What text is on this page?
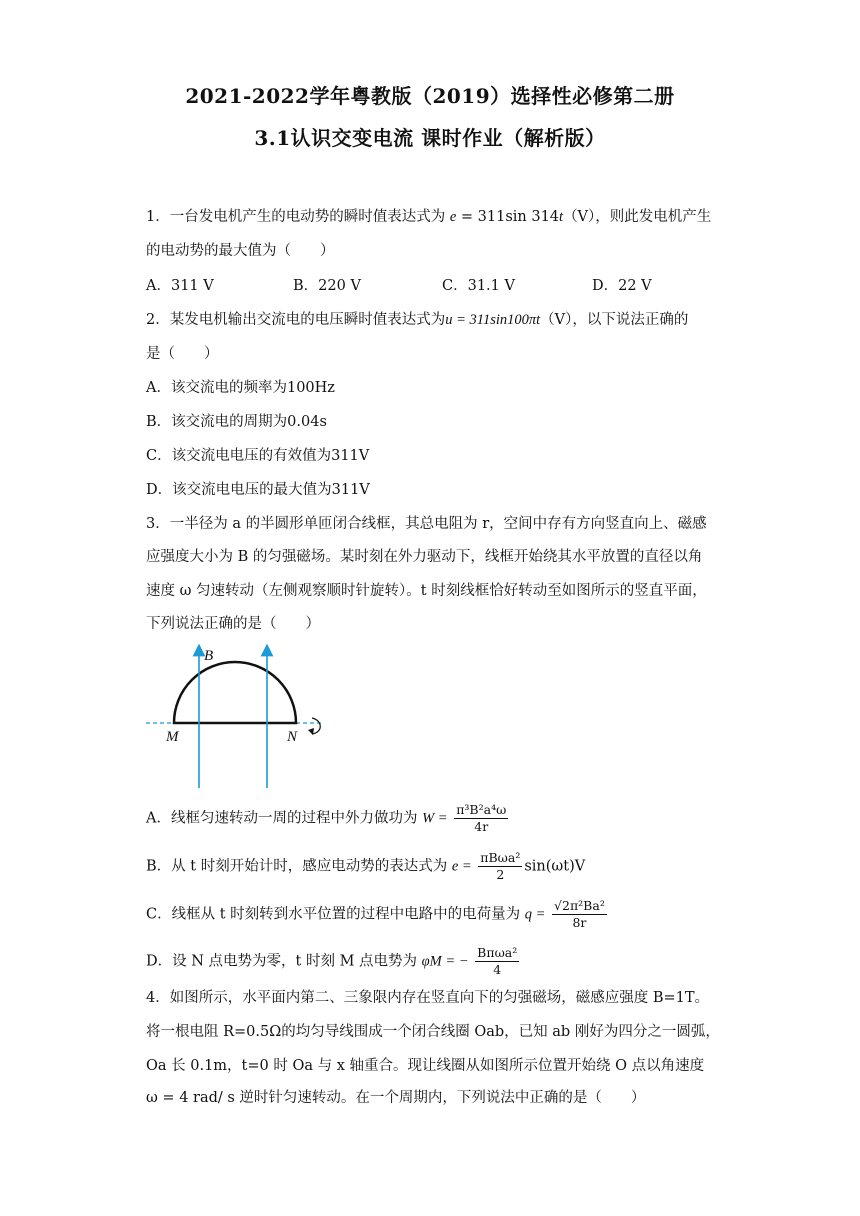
2021-2022学年粤教版（2019）选择性必修第二册
3.1认识交变电流 课时作业（解析版）
1．一台发电机产生的电动势的瞬时值表达式为 e = 311sin 314t（V），则此发电机产生
的电动势的最大值为（　　）
A．311 V	B．220 V	C．31.1 V	D．22 V
2．某发电机输出交流电的电压瞬时值表达式为u = 311sin100πt（V），以下说法正确的
是（　　）
A．该交流电的频率为100Hz
B．该交流电的周期为0.04s
C．该交流电电压的有效值为311V
D．该交流电电压的最大值为311V
3．一半径为 a 的半圆形单匝闭合线框，其总电阻为 r，空间中存有方向竖直向上、磁感
应强度大小为 B 的匀强磁场。某时刻在外力驱动下，线框开始绕其水平放置的直径以角
速度 ω 匀速转动（左侧观察顺时针旋转）。t 时刻线框恰好转动至如图所示的竖直平面，
下列说法正确的是（　　）
B
M	N
A．线框匀速转动一周的过程中外力做功为 $W = \frac{\text{π³B²a⁴ω}}{4r}$
B．从 t 时刻开始计时，感应电动势的表达式为 $e = \frac{\text{πBωa²}}{2} \sin(\omega t)V$
C．线框从 t 时刻转到水平位置的过程中电路中的电荷量为 $q = \frac{\text{√2π²Ba²}}{8r}$
D．设 N 点电势为零，t 时刻 M 点电势为 φM = − $\frac{\text{Bπωa²}}{4}$
4．如图所示，水平面内第二、三象限内存在竖直向下的匀强磁场，磁感应强度 B=1T。
将一根电阻 R=0.5Ω的均匀导线围成一个闭合线圈 Oab，已知 ab 刚好为四分之一圆弧，
Oa 长 0.1m，t=0 时 Oa 与 x 轴重合。现让线圈从如图所示位置开始绕 O 点以角速度
ω = 4 rad/ s 逆时针匀速转动。在一个周期内，下列说法中正确的是（　　）
